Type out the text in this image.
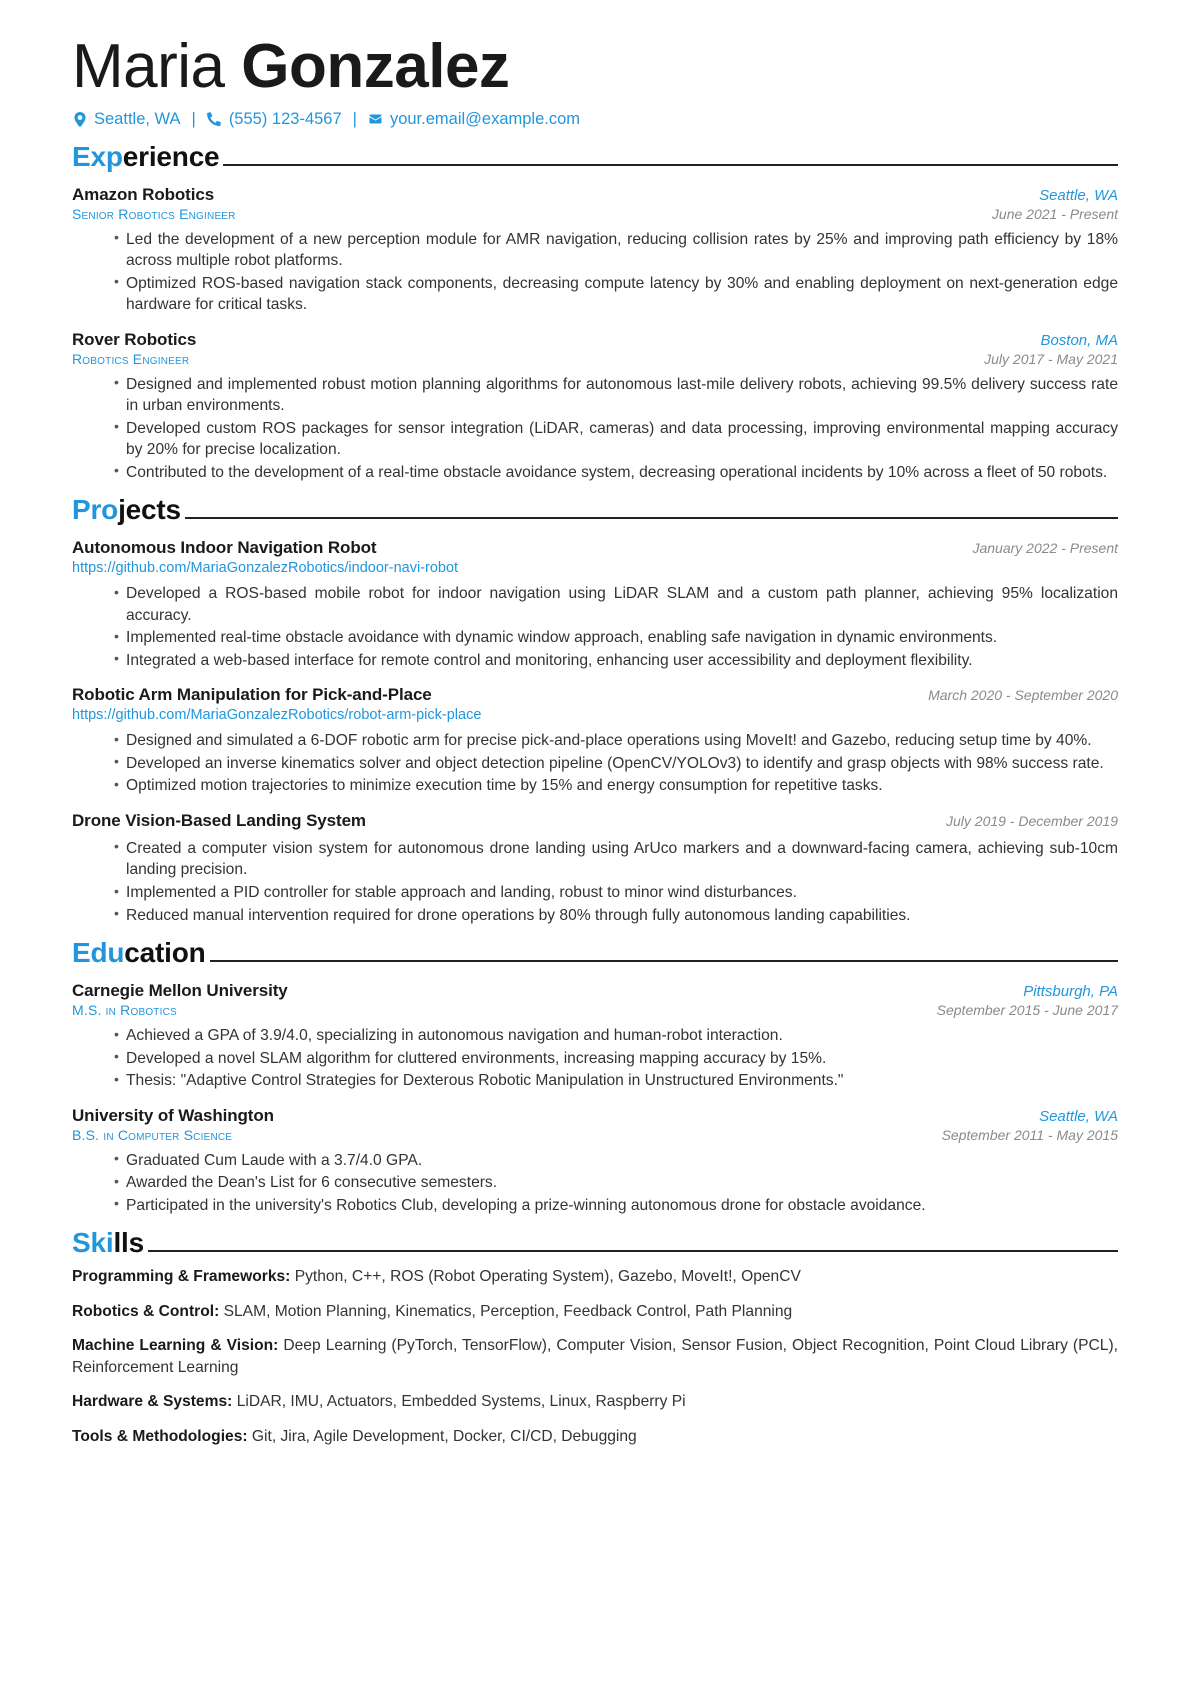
Maria Gonzalez
Seattle, WA |	(555) 123-4567 |	your.email@example.com
Experience
Amazon Robotics	Seattle, WA
Senior Robotics Engineer	June 2021 - Present
• Led the development of a new perception module for AMR navigation, reducing collision rates by 25% and improving path efficiency by 18% across multiple robot platforms.
• Optimized ROS-based navigation stack components, decreasing compute latency by 30% and enabling deployment on next-generation edge hardware for critical tasks.
Rover Robotics	Boston, MA
Robotics Engineer	July 2017 - May 2021
• Designed and implemented robust motion planning algorithms for autonomous last-mile delivery robots, achieving 99.5% delivery success rate in urban environments.
• Developed custom ROS packages for sensor integration (LiDAR, cameras) and data processing, improving environmental mapping accuracy by 20% for precise localization.
• Contributed to the development of a real-time obstacle avoidance system, decreasing operational incidents by 10% across a fleet of 50 robots.
Projects
Autonomous Indoor Navigation Robot	January 2022 - Present
https://github.com/MariaGonzalezRobotics/indoor-navi-robot
• Developed a ROS-based mobile robot for indoor navigation using LiDAR SLAM and a custom path planner, achieving 95% localization accuracy.
• Implemented real-time obstacle avoidance with dynamic window approach, enabling safe navigation in dynamic environments.
• Integrated a web-based interface for remote control and monitoring, enhancing user accessibility and deployment flexibility.
Robotic Arm Manipulation for Pick-and-Place	March 2020 - September 2020
https://github.com/MariaGonzalezRobotics/robot-arm-pick-place
• Designed and simulated a 6-DOF robotic arm for precise pick-and-place operations using MoveIt! and Gazebo, reducing setup time by 40%.
• Developed an inverse kinematics solver and object detection pipeline (OpenCV/YOLOv3) to identify and grasp objects with 98% success rate.
• Optimized motion trajectories to minimize execution time by 15% and energy consumption for repetitive tasks.
Drone Vision-Based Landing System	July 2019 - December 2019
• Created a computer vision system for autonomous drone landing using ArUco markers and a downward-facing camera, achieving sub-10cm landing precision.
• Implemented a PID controller for stable approach and landing, robust to minor wind disturbances.
• Reduced manual intervention required for drone operations by 80% through fully autonomous landing capabilities.
Education
Carnegie Mellon University	Pittsburgh, PA
M.S. in Robotics	September 2015 - June 2017
• Achieved a GPA of 3.9/4.0, specializing in autonomous navigation and human-robot interaction.
• Developed a novel SLAM algorithm for cluttered environments, increasing mapping accuracy by 15%.
• Thesis: "Adaptive Control Strategies for Dexterous Robotic Manipulation in Unstructured Environments."
University of Washington	Seattle, WA
B.S. in Computer Science	September 2011 - May 2015
• Graduated Cum Laude with a 3.7/4.0 GPA.
• Awarded the Dean's List for 6 consecutive semesters.
• Participated in the university's Robotics Club, developing a prize-winning autonomous drone for obstacle avoidance.
Skills

Programming & Frameworks: Python, C++, ROS (Robot Operating System), Gazebo, MoveIt!, OpenCV

Robotics & Control: SLAM, Motion Planning, Kinematics, Perception, Feedback Control, Path Planning

Machine Learning & Vision: Deep Learning (PyTorch, TensorFlow), Computer Vision, Sensor Fusion, Object Recognition, Point Cloud Library (PCL), Reinforcement Learning

Hardware & Systems: LiDAR, IMU, Actuators, Embedded Systems, Linux, Raspberry Pi

Tools & Methodologies: Git, Jira, Agile Development, Docker, CI/CD, Debugging
